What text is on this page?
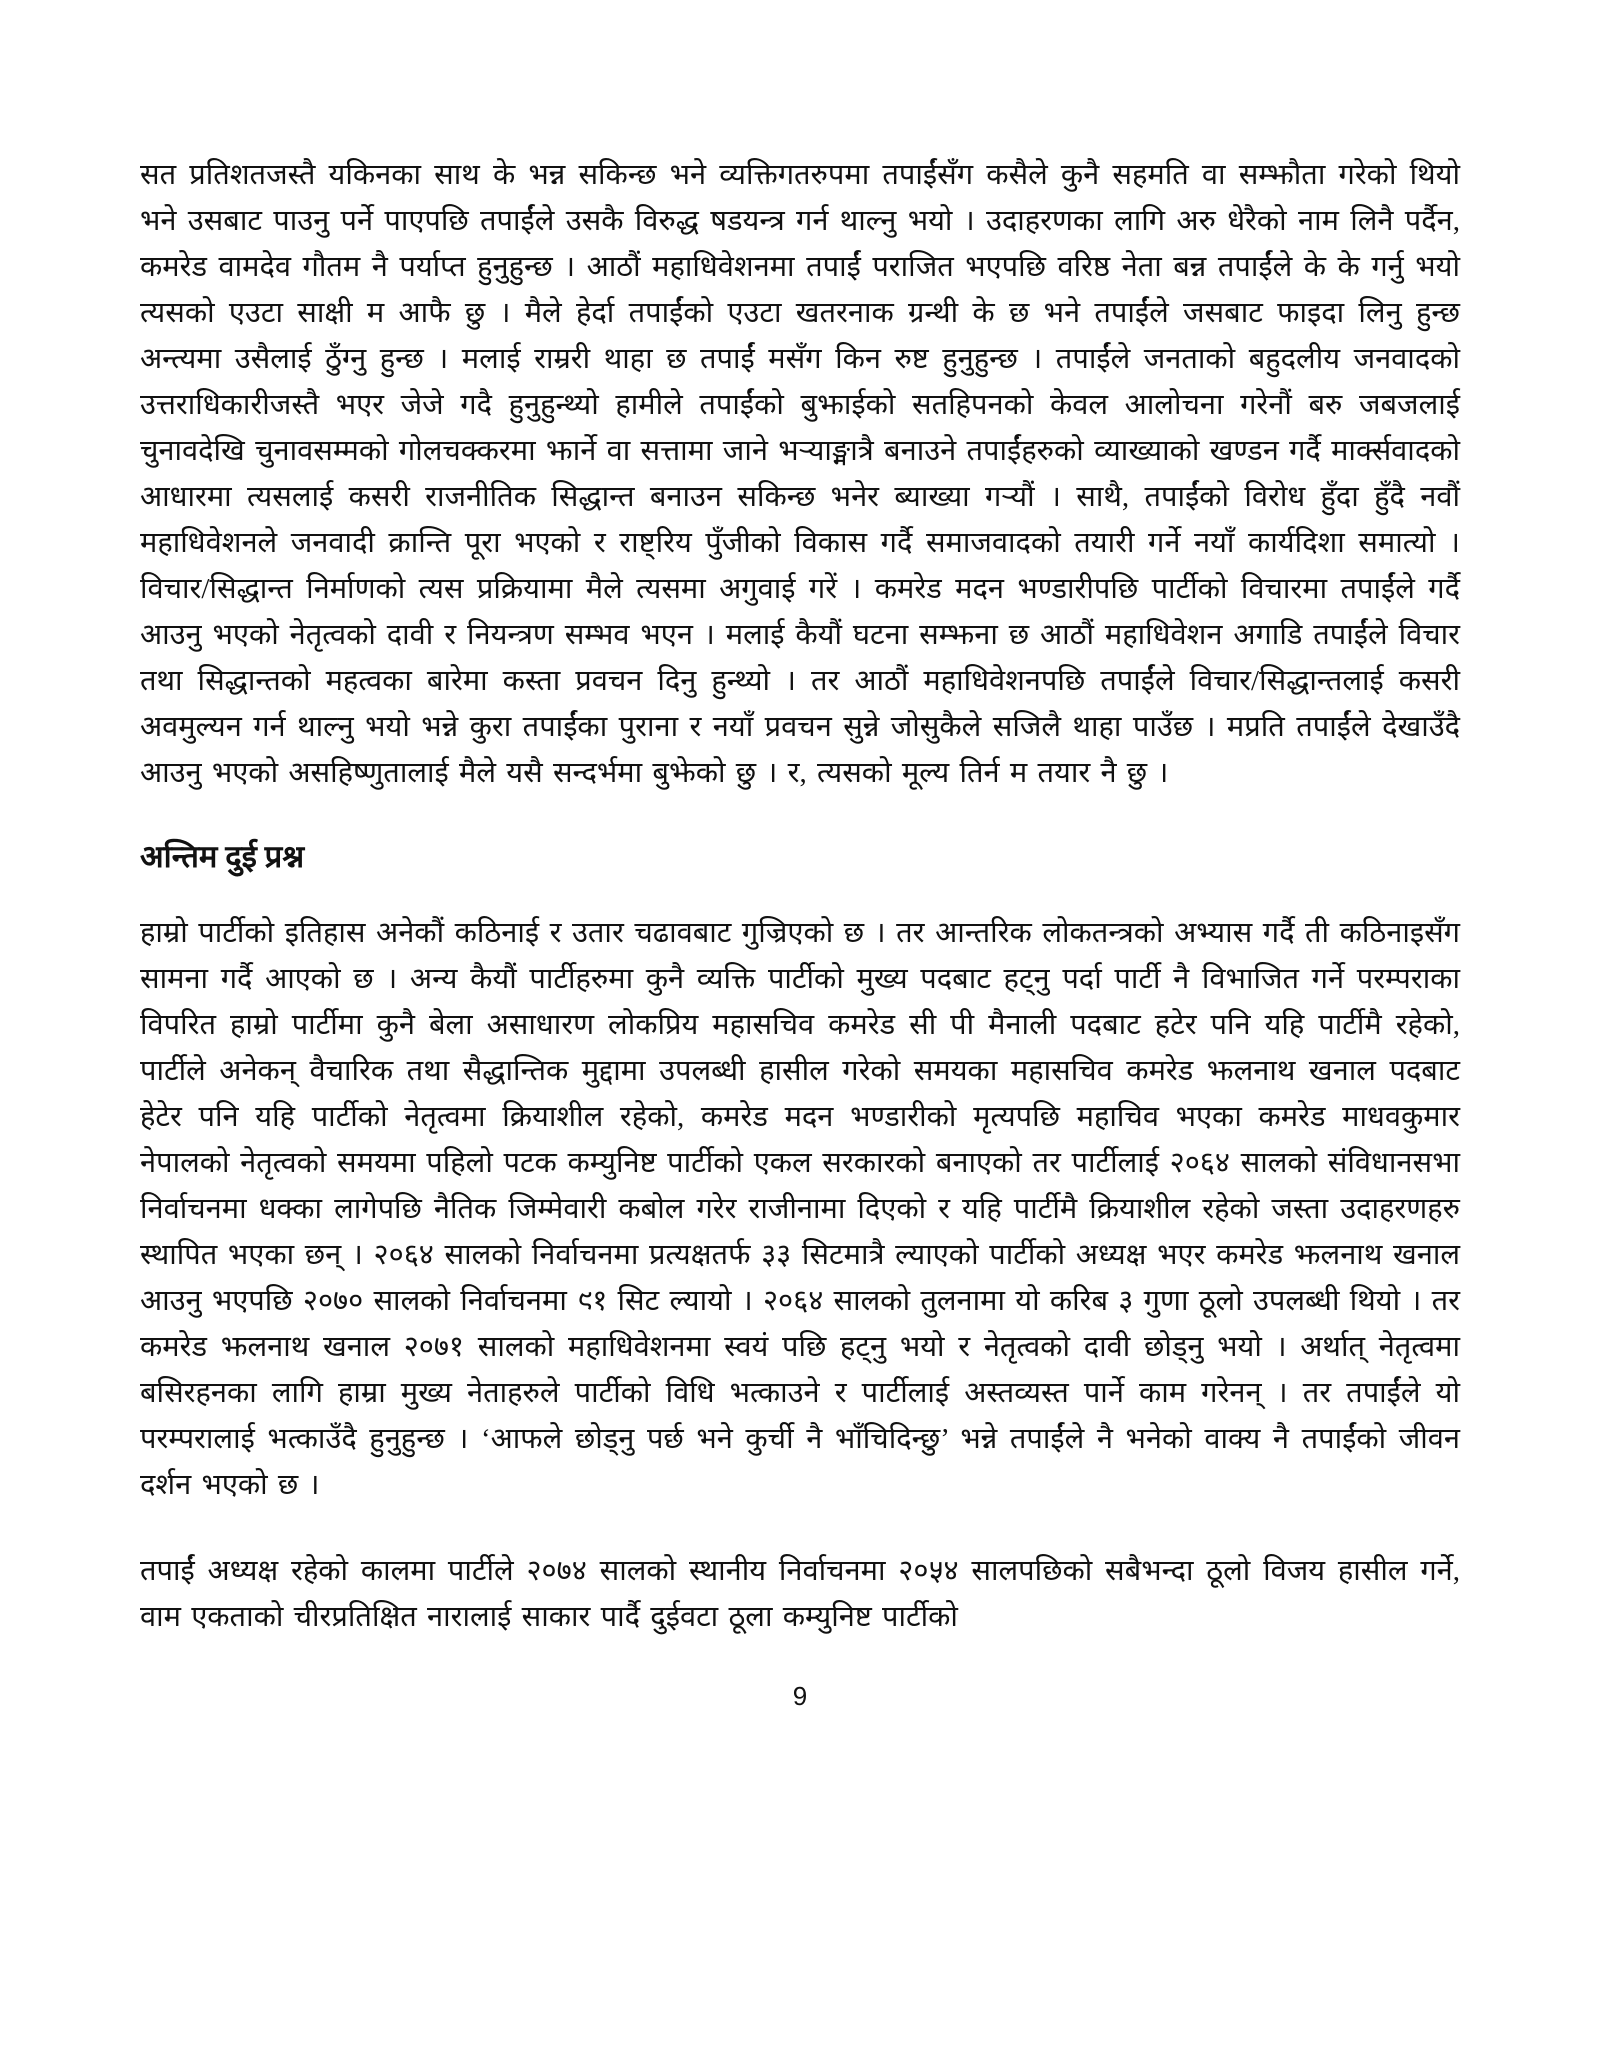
सत प्रतिशतजस्तै यकिनका साथ के भन्न सकिन्छ भने व्यक्तिगतरुपमा तपाईंसँग कसैले कुनै सहमति वा सम्झौता गरेको थियो भने उसबाट पाउनु पर्ने पाएपछि तपाईंले उसकै विरुद्ध षडयन्त्र गर्न थाल्नु भयो । उदाहरणका लागि अरु धेरैको नाम लिनै पर्दैन, कमरेड वामदेव गौतम नै पर्याप्त हुनुहुन्छ । आठौं महाधिवेशनमा तपाईं पराजित भएपछि वरिष्ठ नेता बन्न तपाईंले के के गर्नु भयो त्यसको एउटा साक्षी म आफै छु । मैले हेर्दा तपाईंको एउटा खतरनाक ग्रन्थी के छ भने तपाईंले जसबाट फाइदा लिनु हुन्छ अन्त्यमा उसैलाई ठुँग्नु हुन्छ । मलाई राम्ररी थाहा छ तपाईं मसँग किन रुष्ट हुनुहुन्छ । तपाईंले जनताको बहुदलीय जनवादको उत्तराधिकारीजस्तै भएर जेजे गदै हुनुहुन्थ्यो हामीले तपाईंको बुझाईको सतहिपनको केवल आलोचना गरेनौं बरु जबजलाई चुनावदेखि चुनावसम्मको गोलचक्करमा झार्ने वा सत्तामा जाने भऱ्याङ्मात्रै बनाउने तपाईंहरुको व्याख्याको खण्डन गर्दै मार्क्सवादको आधारमा त्यसलाई कसरी राजनीतिक सिद्धान्त बनाउन सकिन्छ भनेर ब्याख्या गऱ्यौं । साथै, तपाईंको विरोध हुँदा हुँदै नवौं महाधिवेशनले जनवादी क्रान्ति पूरा भएको र राष्ट्रिय पुँजीको विकास गर्दै समाजवादको तयारी गर्ने नयाँ कार्यदिशा समात्यो । विचार/सिद्धान्त निर्माणको त्यस प्रक्रियामा मैले त्यसमा अगुवाई गरें । कमरेड मदन भण्डारीपछि पार्टीको विचारमा तपाईंले गर्दै आउनु भएको नेतृत्वको दावी र नियन्त्रण सम्भव भएन । मलाई कैयौं घटना सम्झना छ आठौं महाधिवेशन अगाडि तपाईंले विचार तथा सिद्धान्तको महत्वका बारेमा कस्ता प्रवचन दिनु हुन्थ्यो । तर आठौं महाधिवेशनपछि तपाईंले विचार/सिद्धान्तलाई कसरी अवमुल्यन गर्न थाल्नु भयो भन्ने कुरा तपाईंका पुराना र नयाँ प्रवचन सुन्ने जोसुकैले सजिलै थाहा पाउँछ । मप्रति तपाईंले देखाउँदै आउनु भएको असहिष्णुतालाई मैले यसै सन्दर्भमा बुझेको छु । र, त्यसको मूल्य तिर्न म तयार नै छु ।

अन्तिम दुई प्रश्न

हाम्रो पार्टीको इतिहास अनेकौं कठिनाई र उतार चढावबाट गुज्रिएको छ । तर आन्तरिक लोकतन्त्रको अभ्यास गर्दै ती कठिनाइसँग सामना गर्दै आएको छ । अन्य कैयौं पार्टीहरुमा कुनै व्यक्ति पार्टीको मुख्य पदबाट हट्नु पर्दा पार्टी नै विभाजित गर्ने परम्पराका विपरित हाम्रो पार्टीमा कुनै बेला असाधारण लोकप्रिय महासचिव कमरेड सी पी मैनाली पदबाट हटेर पनि यहि पार्टीमै रहेको, पार्टीले अनेकन् वैचारिक तथा सैद्धान्तिक मुद्दामा उपलब्धी हासील गरेको समयका महासचिव कमरेड झलनाथ खनाल पदबाट हेटेर पनि यहि पार्टीको नेतृत्वमा क्रियाशील रहेको, कमरेड मदन भण्डारीको मृत्यपछि महाचिव भएका कमरेड माधवकुमार नेपालको नेतृत्वको समयमा पहिलो पटक कम्युनिष्ट पार्टीको एकल सरकारको बनाएको तर पार्टीलाई २०६४ सालको संविधानसभा निर्वाचनमा धक्का लागेपछि नैतिक जिम्मेवारी कबोल गरेर राजीनामा दिएको र यहि पार्टीमै क्रियाशील रहेको जस्ता उदाहरणहरु स्थापित भएका छन् । २०६४ सालको निर्वाचनमा प्रत्यक्षतर्फ ३३ सिटमात्रै ल्याएको पार्टीको अध्यक्ष भएर कमरेड झलनाथ खनाल आउनु भएपछि २०७० सालको निर्वाचनमा ९१ सिट ल्यायो । २०६४ सालको तुलनामा यो करिब ३ गुणा ठूलो उपलब्धी थियो । तर कमरेड झलनाथ खनाल २०७१ सालको महाधिवेशनमा स्वयं पछि हट्नु भयो र नेतृत्वको दावी छोड्नु भयो । अर्थात् नेतृत्वमा बसिरहनका लागि हाम्रा मुख्य नेताहरुले पार्टीको विधि भत्काउने र पार्टीलाई अस्तव्यस्त पार्ने काम गरेनन् । तर तपाईंले यो परम्परालाई भत्काउँदै हुनुहुन्छ । ‘आफले छोड्नु पर्छ भने कुर्ची नै भाँचिदिन्छु’ भन्ने तपाईंले नै भनेको वाक्य नै तपाईंको जीवन दर्शन भएको छ ।

तपाईं अध्यक्ष रहेको कालमा पार्टीले २०७४ सालको स्थानीय निर्वाचनमा २०५४ सालपछिको सबैभन्दा ठूलो विजय हासील गर्ने, वाम एकताको चीरप्रतिक्षित नारालाई साकार पार्दै दुईवटा ठूला कम्युनिष्ट पार्टीको

9
